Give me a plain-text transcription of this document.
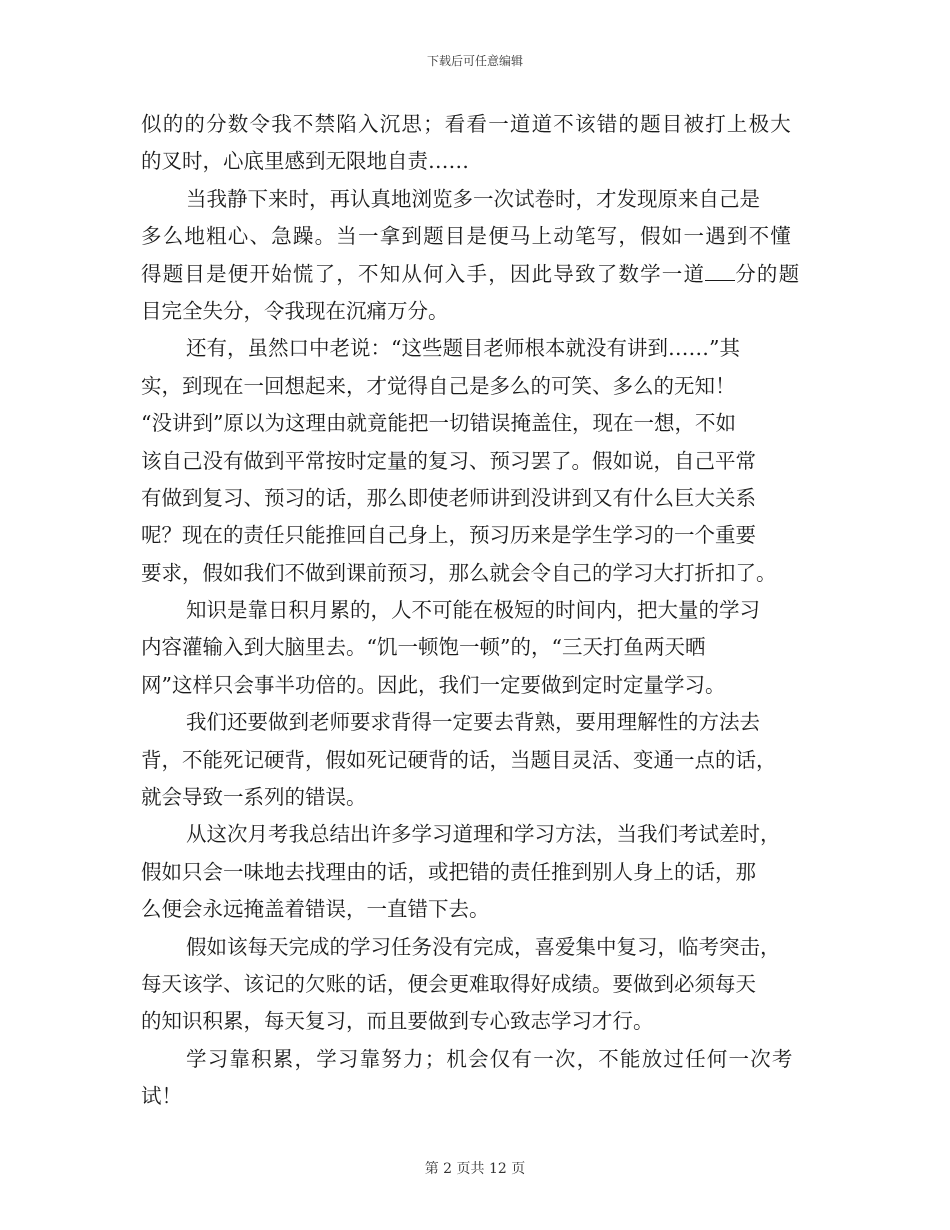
下载后可任意编辑
似的的分数令我不禁陷入沉思；看看一道道不该错的题目被打上极大
的叉时，心底里感到无限地自责……
当我静下来时，再认真地浏览多一次试卷时，才发现原来自己是
多么地粗心、急躁。当一拿到题目是便马上动笔写，假如一遇到不懂
得题目是便开始慌了，不知从何入手，因此导致了数学一道 分的题
目完全失分，令我现在沉痛万分。
还有，虽然口中老说：“这些题目老师根本就没有讲到……”其
实，到现在一回想起来，才觉得自己是多么的可笑、多么的无知！
“没讲到”原以为这理由就竟能把一切错误掩盖住，现在一想，不如
该自己没有做到平常按时定量的复习、预习罢了。假如说，自己平常
有做到复习、预习的话，那么即使老师讲到没讲到又有什么巨大关系
呢？现在的责任只能推回自己身上，预习历来是学生学习的一个重要
要求，假如我们不做到课前预习，那么就会令自己的学习大打折扣了。
知识是靠日积月累的，人不可能在极短的时间内，把大量的学习
内容灌输入到大脑里去。“饥一顿饱一顿”的，“三天打鱼两天晒
网”这样只会事半功倍的。因此，我们一定要做到定时定量学习。
我们还要做到老师要求背得一定要去背熟，要用理解性的方法去
背，不能死记硬背，假如死记硬背的话，当题目灵活、变通一点的话，
就会导致一系列的错误。
从这次月考我总结出许多学习道理和学习方法，当我们考试差时，
假如只会一味地去找理由的话，或把错的责任推到别人身上的话，那
么便会永远掩盖着错误，一直错下去。
假如该每天完成的学习任务没有完成，喜爱集中复习，临考突击，
每天该学、该记的欠账的话，便会更难取得好成绩。要做到必须每天
的知识积累，每天复习，而且要做到专心致志学习才行。
学习靠积累，学习靠努力；机会仅有一次，不能放过任何一次考
试！
第 2 页共 12 页
